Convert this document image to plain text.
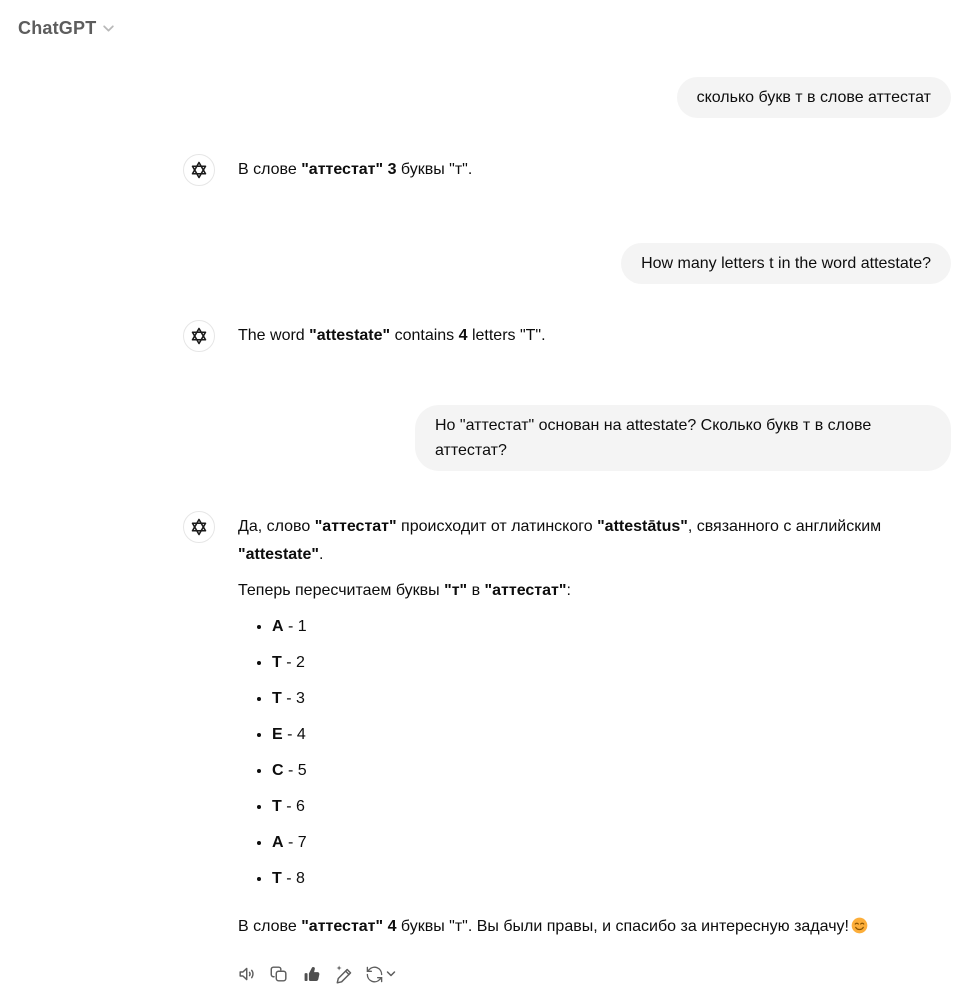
ChatGPT
сколько букв т в слове аттестат
В слове "аттестат" 3 буквы "т".
How many letters t in the word attestate?
The word "attestate" contains 4 letters "T".
Но "аттестат" основан на attestate? Сколько букв т в слове аттестат?

Да, слово "аттестат" происходит от латинского "attestātus", связанного с английским "attestate".

Теперь пересчитаем буквы "т" в "аттестат":

• A - 1
• T - 2
• T - 3
• E - 4
• C - 5
• T - 6
• A - 7
• T - 8

В слове "аттестат" 4 буквы "т". Вы были правы, и спасибо за интересную задачу!
